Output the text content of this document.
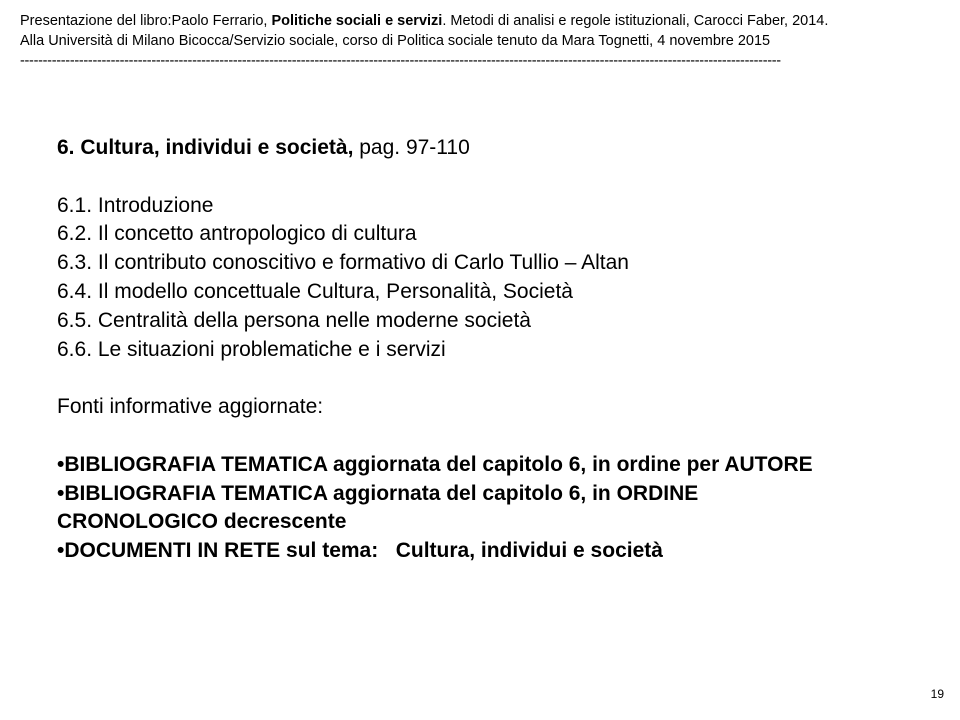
Presentazione del libro:Paolo Ferrario, Politiche sociali e servizi. Metodi di analisi e regole istituzionali, Carocci Faber, 2014.
Alla Università di Milano Bicocca/Servizio sociale, corso di Politica sociale tenuto da Mara Tognetti, 4 novembre 2015
------------------------------------------------------------------------------------------------------------------------------------------------------------------------
6. Cultura, individui e società, pag. 97-110
6.1. Introduzione
6.2. Il concetto antropologico di cultura
6.3. Il contributo conoscitivo e formativo di Carlo Tullio – Altan
6.4. Il modello concettuale Cultura, Personalità, Società
6.5. Centralità della persona nelle moderne società
6.6. Le situazioni problematiche e i servizi
Fonti informative aggiornate:
•BIBLIOGRAFIA TEMATICA aggiornata del capitolo 6, in ordine per AUTORE
•BIBLIOGRAFIA TEMATICA aggiornata del capitolo 6, in ORDINE CRONOLOGICO decrescente
•DOCUMENTI IN RETE sul tema:   Cultura, individui e società
19
